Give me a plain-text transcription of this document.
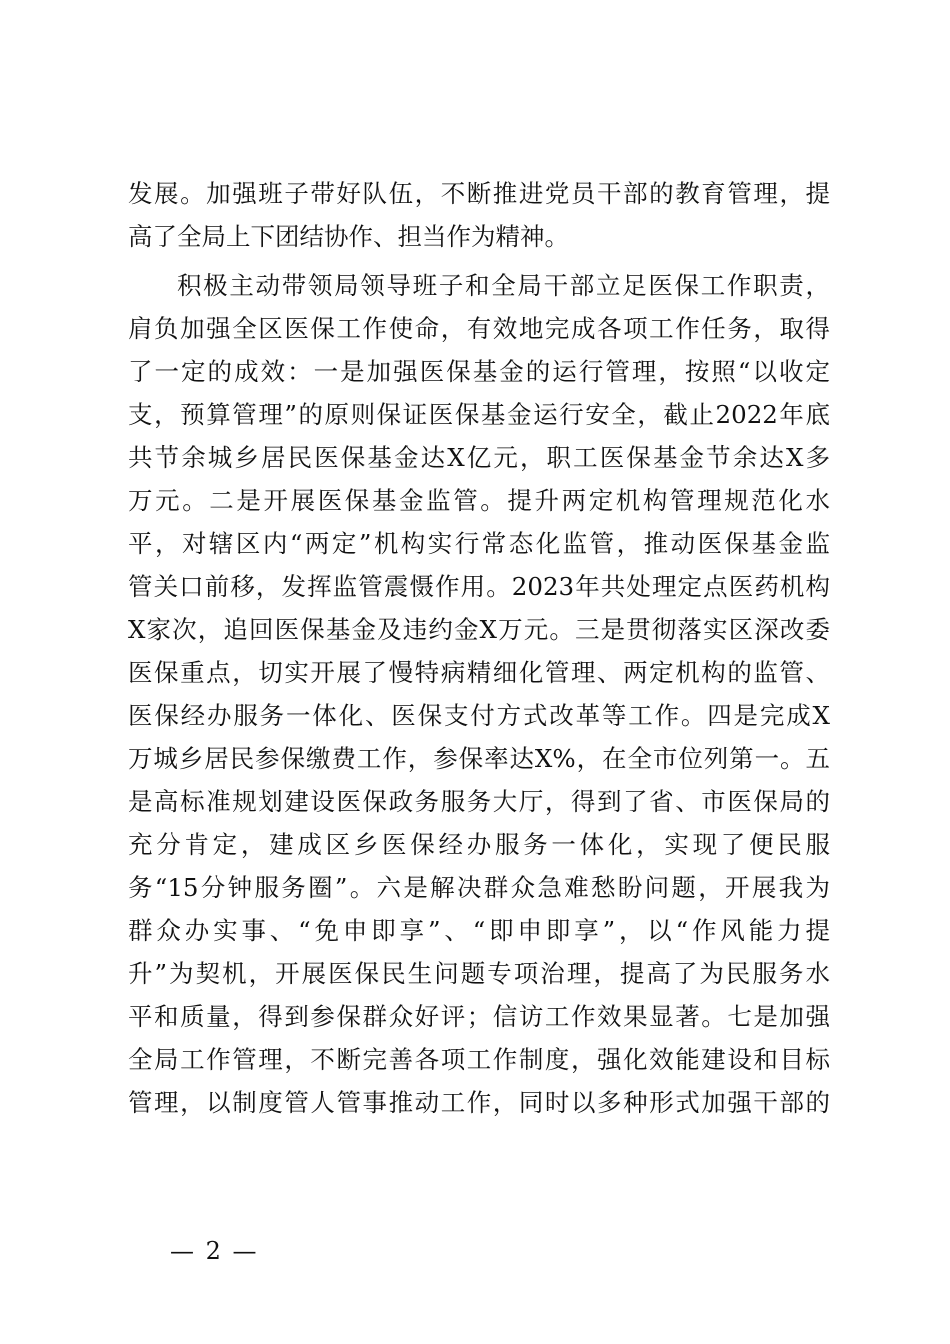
发展。加强班子带好队伍，不断推进党员干部的教育管理，提
高了全局上下团结协作、担当作为精神。
积极主动带领局领导班子和全局干部立足医保工作职责，
肩负加强全区医保工作使命，有效地完成各项工作任务，取得
了一定的成效：一是加强医保基金的运行管理，按照“以收定
支，预算管理”的原则保证医保基金运行安全，截止2022年底
共节余城乡居民医保基金达X亿元，职工医保基金节余达X多
万元。二是开展医保基金监管。提升两定机构管理规范化水
平，对辖区内“两定”机构实行常态化监管，推动医保基金监
管关口前移，发挥监管震慑作用。2023年共处理定点医药机构
X家次，追回医保基金及违约金X万元。三是贯彻落实区深改委
医保重点，切实开展了慢特病精细化管理、两定机构的监管、
医保经办服务一体化、医保支付方式改革等工作。四是完成X
万城乡居民参保缴费工作，参保率达X%，在全市位列第一。五
是高标准规划建设医保政务服务大厅，得到了省、市医保局的
充分肯定，建成区乡医保经办服务一体化，实现了便民服
务“15分钟服务圈”。六是解决群众急难愁盼问题，开展我为
群众办实事、“免申即享”、“即申即享”，以“作风能力提
升”为契机，开展医保民生问题专项治理，提高了为民服务水
平和质量，得到参保群众好评；信访工作效果显著。七是加强
全局工作管理，不断完善各项工作制度，强化效能建设和目标
管理，以制度管人管事推动工作，同时以多种形式加强干部的
— 2 —
